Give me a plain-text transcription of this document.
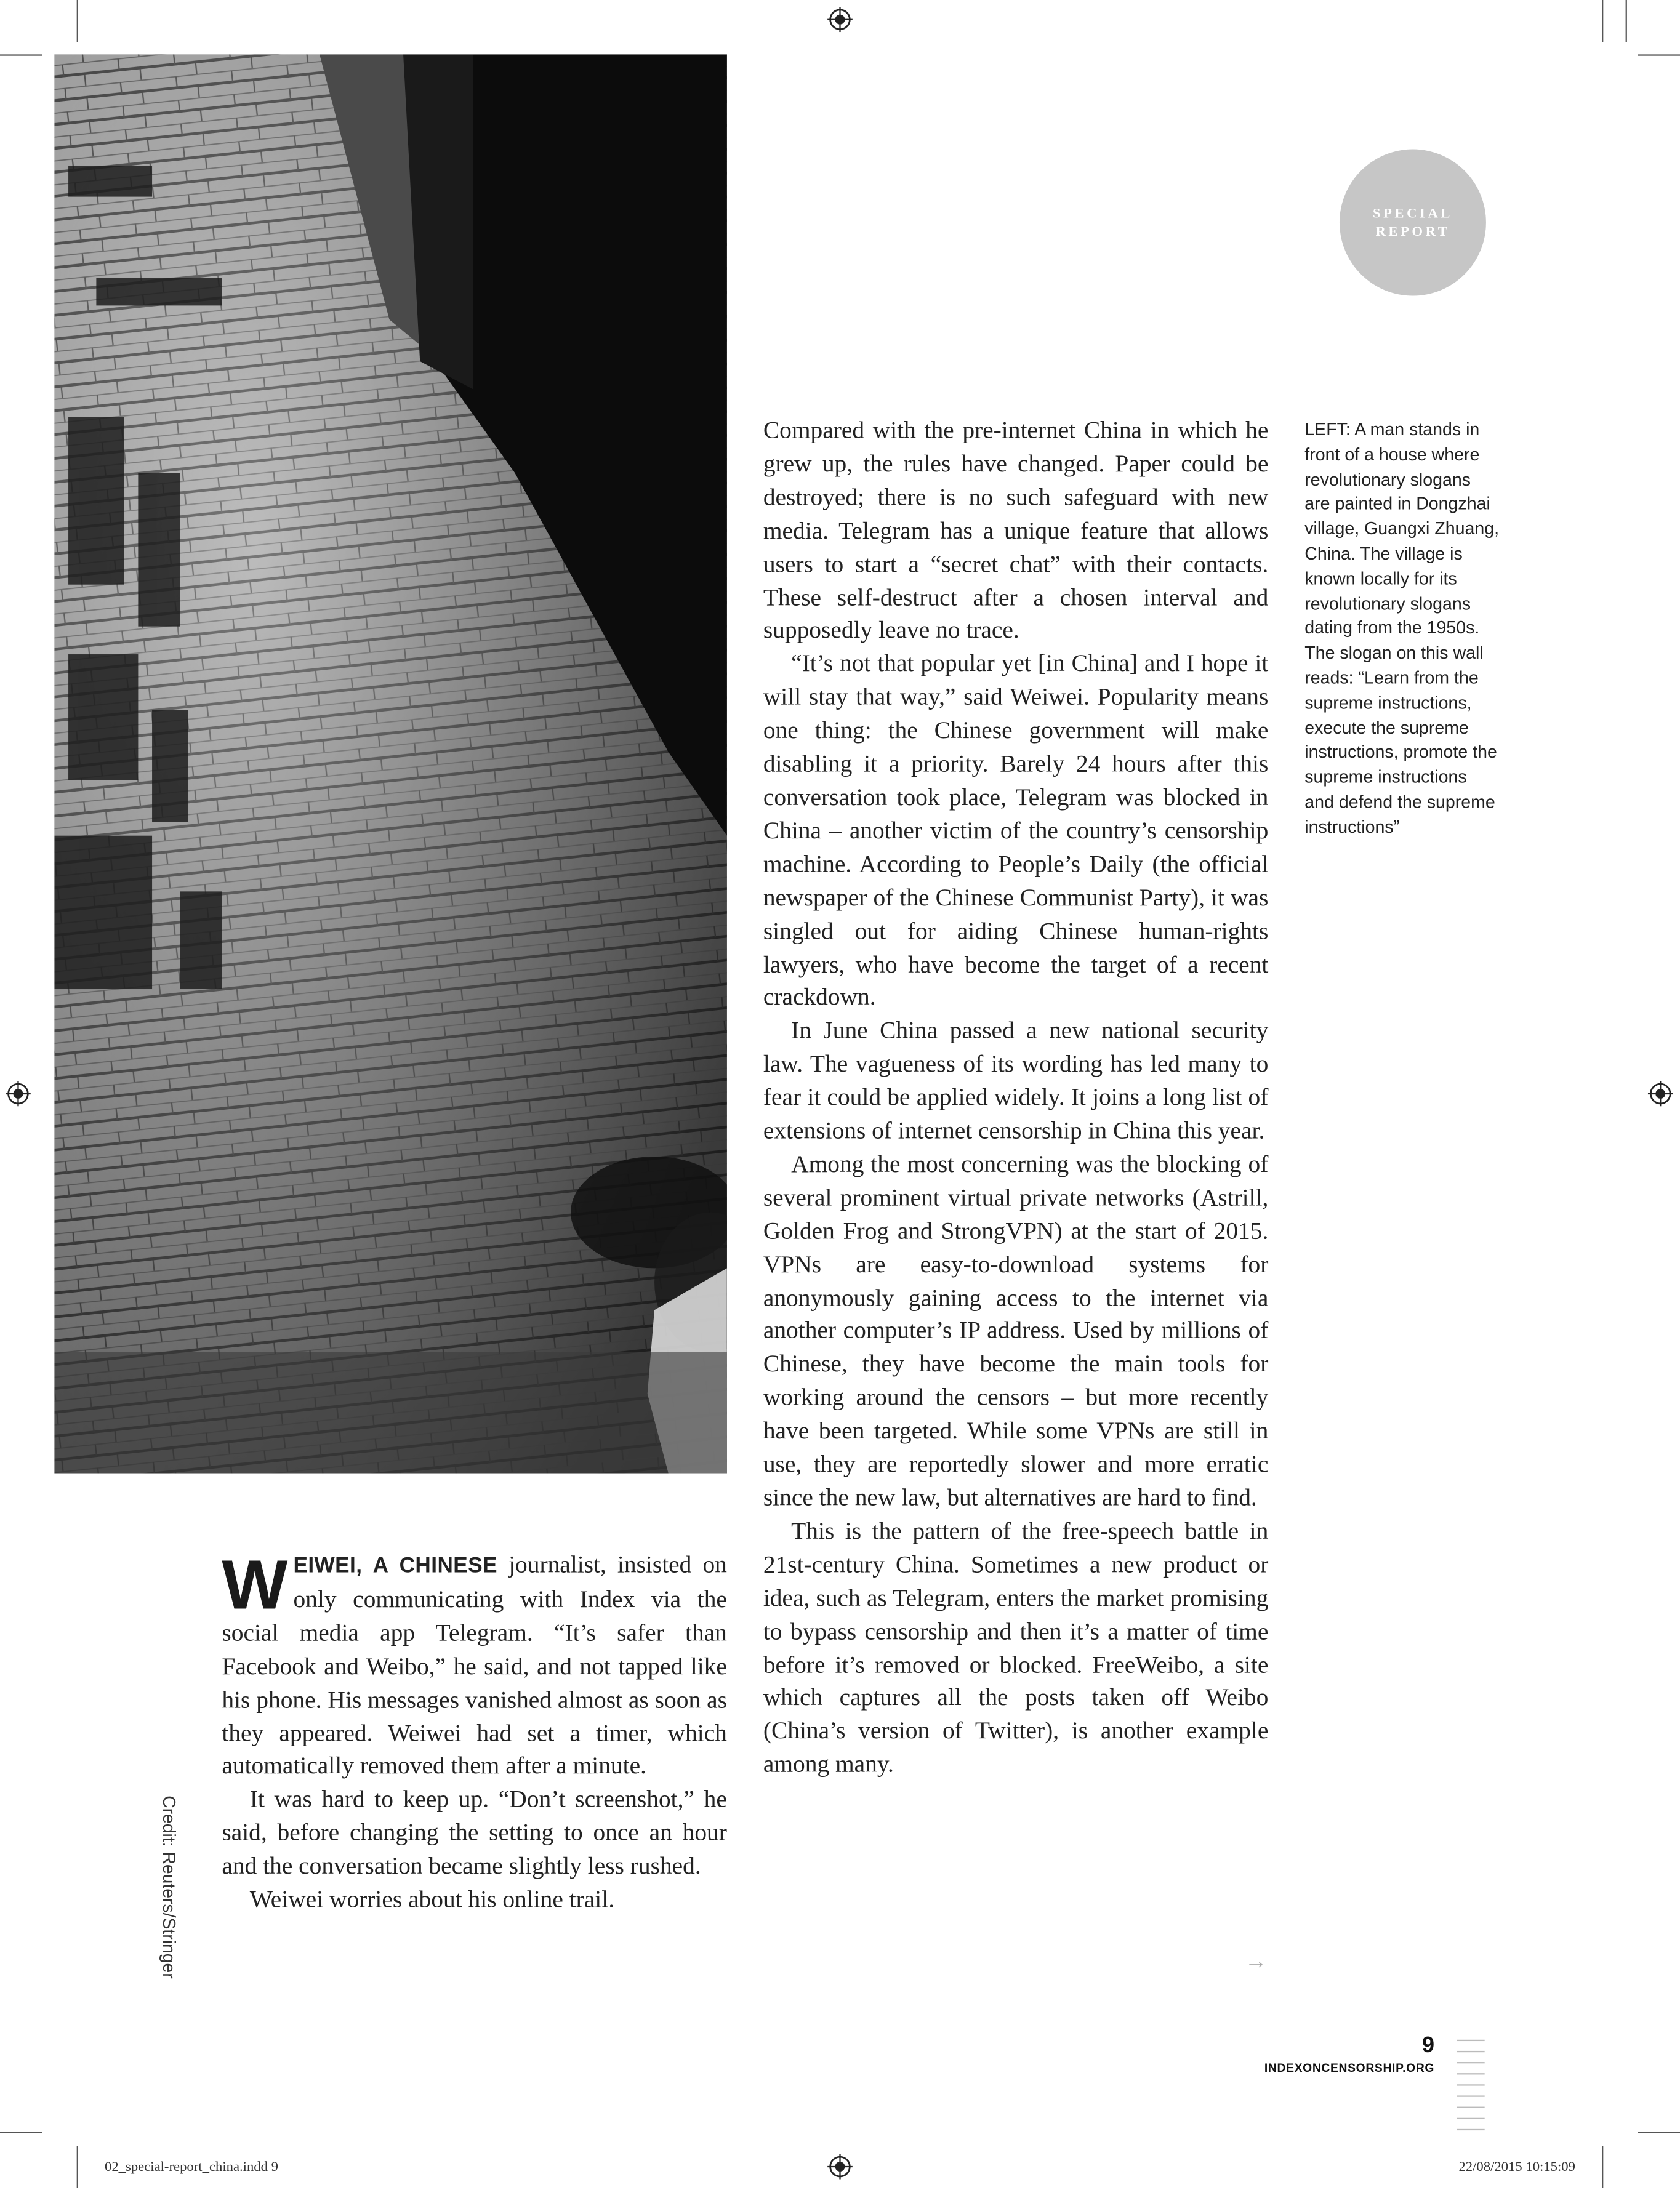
SPECIAL
REPORT
LEFT: A man stands in front of a house where revolutionary slogans are painted in Dongzhai village, Guangxi Zhuang, China. The village is known locally for its revolutionary slogans dating from the 1950s. The slogan on this wall reads: “Learn from the supreme instructions, execute the supreme instructions, promote the supreme instructions and defend the supreme instructions”
Credit: Reuters/Stringer

WEIWEI, A CHINESE journalist, insisted on only communicating with Index via the social media app Telegram. “It’s safer than Facebook and Weibo,” he said, and not tapped like his phone. His messages vanished almost as soon as they appeared. Weiwei had set a timer, which automatically removed them after a minute.

It was hard to keep up. “Don’t screenshot,” he said, before changing the setting to once an hour and the conversation became slightly less rushed.

Weiwei worries about his online trail.

Compared with the pre-internet China in which he grew up, the rules have changed. Paper could be destroyed; there is no such safeguard with new media. Telegram has a unique feature that allows users to start a “secret chat” with their contacts. These self-destruct after a chosen interval and supposedly leave no trace.

“It’s not that popular yet [in China] and I hope it will stay that way,” said Weiwei. Popularity means one thing: the Chinese government will make disabling it a priority. Barely 24 hours after this conversation took place, Telegram was blocked in China – another victim of the country’s censorship machine. According to People’s Daily (the official newspaper of the Chinese Communist Party), it was singled out for aiding Chinese human-rights lawyers, who have become the target of a recent crackdown.

In June China passed a new national security law. The vagueness of its wording has led many to fear it could be applied widely. It joins a long list of extensions of internet censorship in China this year.

Among the most concerning was the blocking of several prominent virtual private networks (Astrill, Golden Frog and StrongVPN) at the start of 2015. VPNs are easy-to-download systems for anonymously gaining access to the internet via another computer’s IP address. Used by millions of Chinese, they have become the main tools for working around the censors – but more recently have been targeted. While some VPNs are still in use, they are reportedly slower and more erratic since the new law, but alternatives are hard to find.

This is the pattern of the free-speech battle in 21st-century China. Sometimes a new product or idea, such as Telegram, enters the market promising to bypass censorship and then it’s a matter of time before it’s removed or blocked. FreeWeibo, a site which captures all the posts taken off Weibo (China’s version of Twitter), is another example among many.

→
9
INDEXONCENSORSHIP.ORG
02_special-report_china.indd 9	22/08/2015 10:15:09
